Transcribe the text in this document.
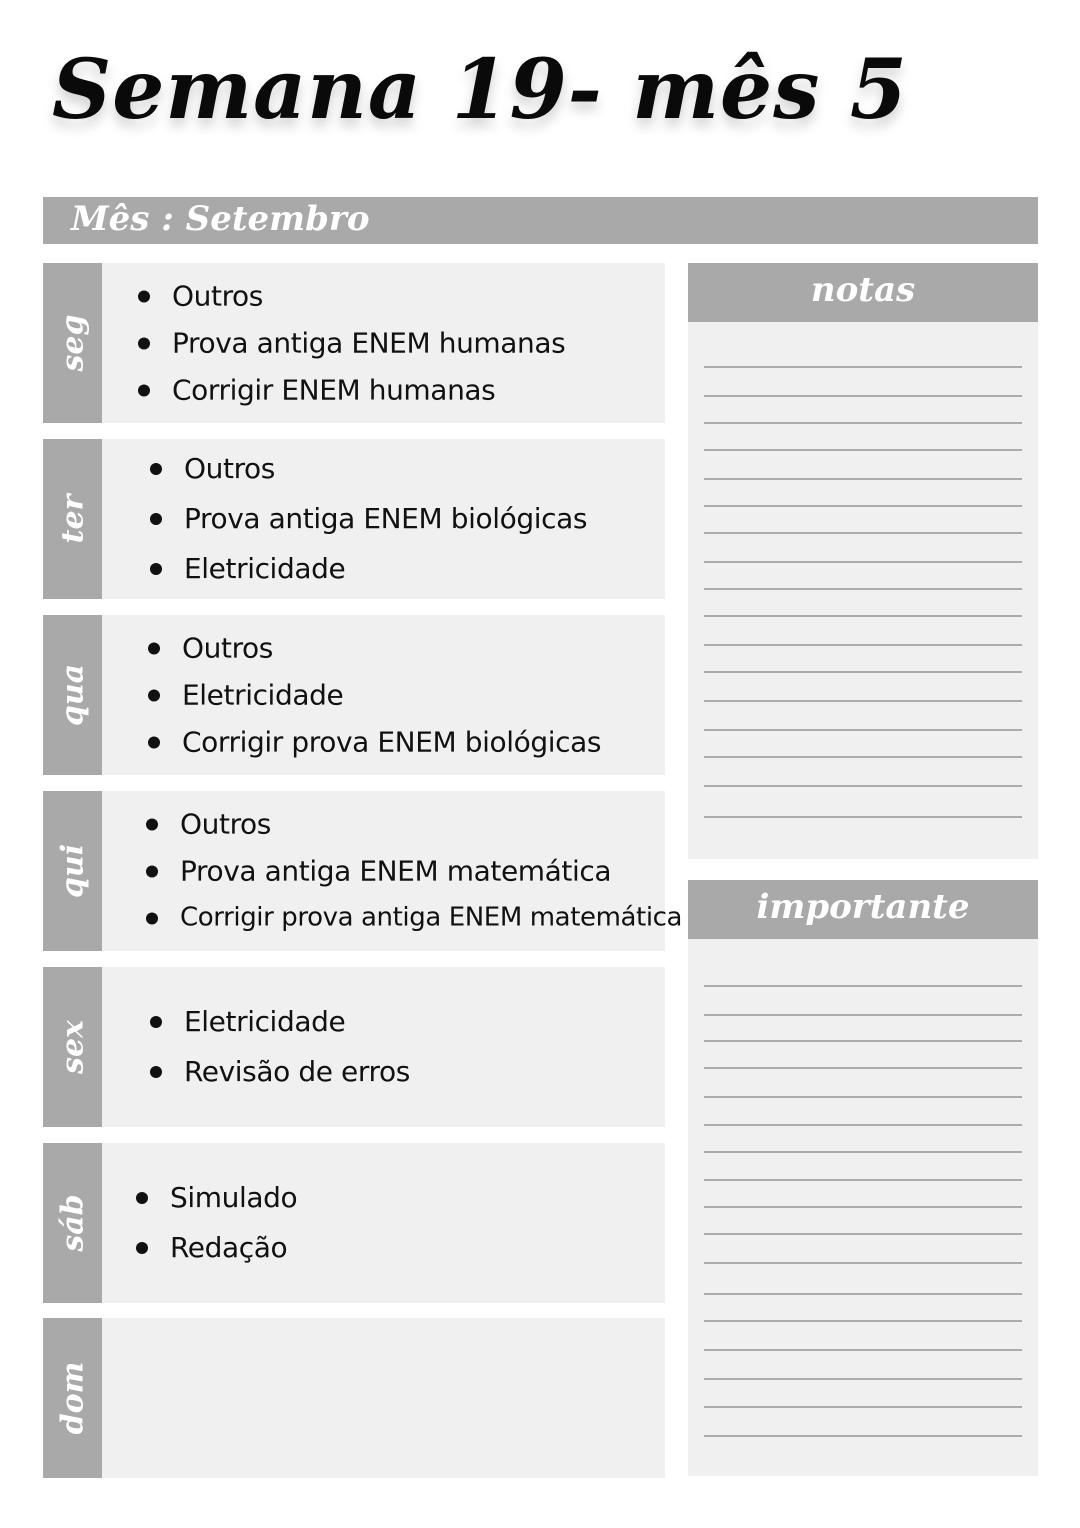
Semana 19- mês 5
Mês : Setembro
seg
Outros
Prova antiga ENEM humanas
Corrigir ENEM humanas
ter
Outros
Prova antiga ENEM biológicas
Eletricidade
qua
Outros
Eletricidade
Corrigir prova ENEM biológicas
qui
Outros
Prova antiga ENEM matemática
Corrigir prova antiga ENEM matemática
sex	Eletricidade
Revisão de erros
sáb	Simulado
Redação
dom
notas
importante
